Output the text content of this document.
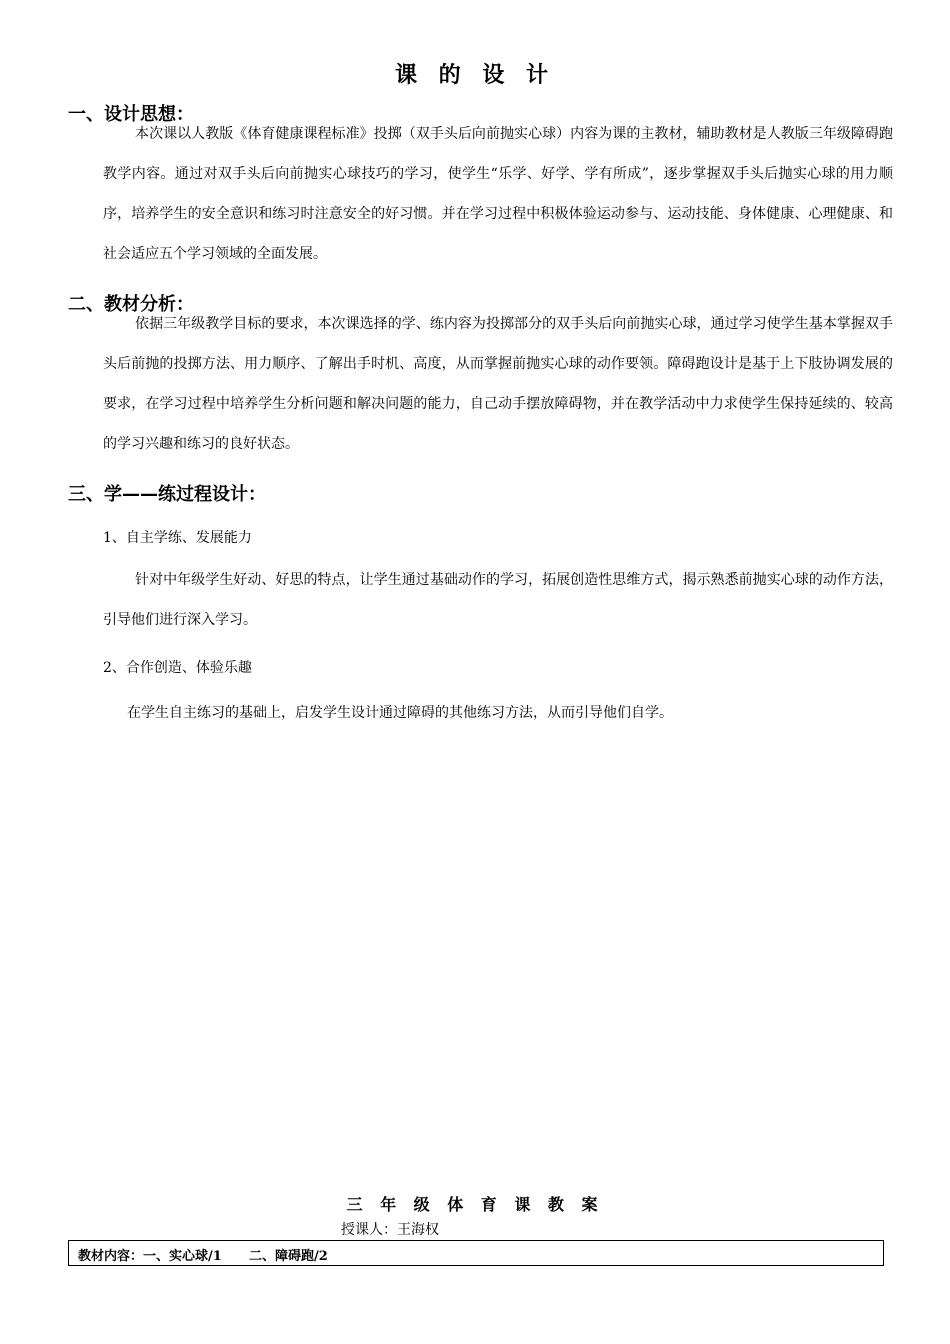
课 的 设 计
一、设计思想：
本次课以人教版《体育健康课程标准》投掷（双手头后向前抛实心球）内容为课的主教材，辅助教材是人教版三年级障碍跑教学内容。通过对双手头后向前抛实心球技巧的学习，使学生“乐学、好学、学有所成”，逐步掌握双手头后抛实心球的用力顺序，培养学生的安全意识和练习时注意安全的好习惯。并在学习过程中积极体验运动参与、运动技能、身体健康、心理健康、和社会适应五个学习领域的全面发展。
二、教材分析：
依据三年级教学目标的要求，本次课选择的学、练内容为投掷部分的双手头后向前抛实心球，通过学习使学生基本掌握双手头后前抛的投掷方法、用力顺序、了解出手时机、高度，从而掌握前抛实心球的动作要领。障碍跑设计是基于上下肢协调发展的要求，在学习过程中培养学生分析问题和解决问题的能力，自己动手摆放障碍物，并在教学活动中力求使学生保持延续的、较高的学习兴趣和练习的良好状态。
三、学——练过程设计：
1、自主学练、发展能力
针对中年级学生好动、好思的特点，让学生通过基础动作的学习，拓展创造性思维方式，揭示熟悉前抛实心球的动作方法，引导他们进行深入学习。
2、合作创造、体验乐趣
在学生自主练习的基础上，启发学生设计通过障碍的其他练习方法，从而引导他们自学。
三 年 级 体 育 课 教 案
授课人：王海权
教材内容：一、实心球/1      二、障碍跑/2
